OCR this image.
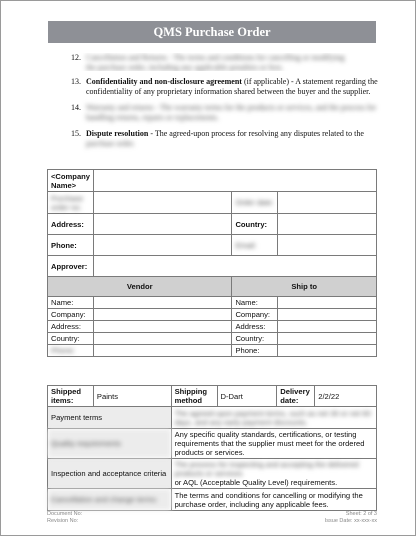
QMS Purchase Order
12. Cancellation and Returns - The terms and conditions for cancelling or modifying
the purchase order, including any applicable penalties or fees.
13. Confidentiality and non-disclosure agreement (if applicable) - A statement regarding the confidentiality of any proprietary information shared between the buyer and the supplier.
14. Warranty and returns - The warranty terms for the products or services, and the process for handling returns, repairs or replacements.
15. Dispute resolution - The agreed-upon process for resolving any disputes related to the
purchase order.
<Company Name>			
Purchase order no:		Order date:	
Address:		Country:	
Phone:		Email:	
Approver:			
Vendor		Ship to	
Name:		Name:	
Company:		Company:	
Address:		Address:	
Country:		Country:	
Phone:		Phone:	
Shipped items:	Paints	Shipping method	D-Dart	Delivery date:	2/2/22
Payment terms		The agreed-upon payment terms, such as net 30 or net 60 days, and any early payment discounts.			
Quality requirements		Any specific quality standards, certifications, or testing requirements that the supplier must meet for the ordered products or services.			
Inspection and acceptance criteria		The process for inspecting and accepting the delivered products or services
or AQL (Acceptable Quality Level) requirements.			
Cancellation and change terms:		The terms and conditions for cancelling or modifying the purchase order, including any applicable fees.			
Document No:
Revision No:
Sheet: 2 of 3
Issue Date: xx-xxx-xx
